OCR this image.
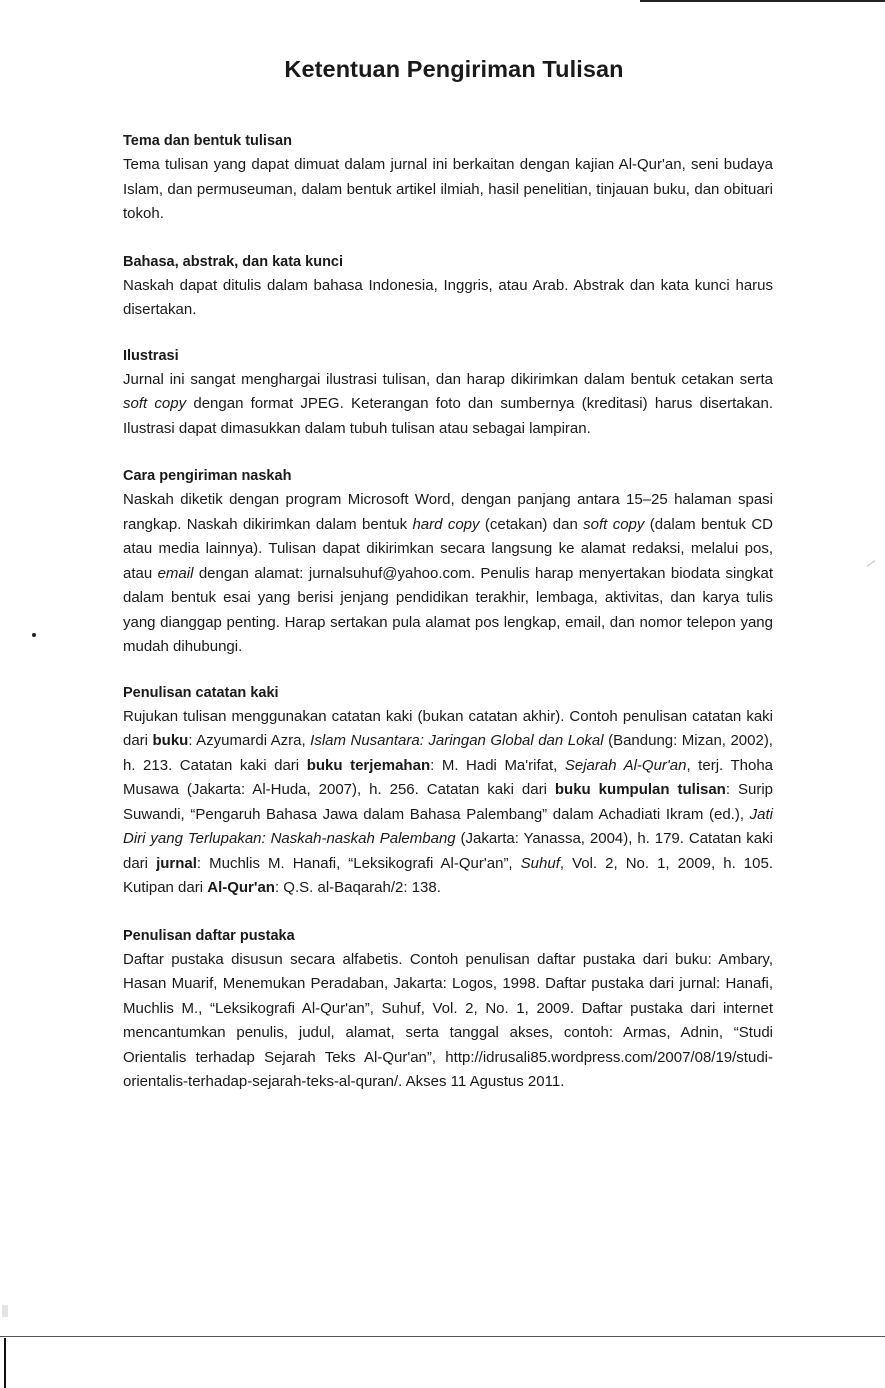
Ketentuan Pengiriman Tulisan
Tema dan bentuk tulisan

Tema tulisan yang dapat dimuat dalam jurnal ini berkaitan dengan kajian Al-Qur'an, seni budaya Islam, dan permuseuman, dalam bentuk artikel ilmiah, hasil penelitian, tinjauan buku, dan obituari tokoh.

Bahasa, abstrak, dan kata kunci

Naskah dapat ditulis dalam bahasa Indonesia, Inggris, atau Arab. Abstrak dan kata kunci harus disertakan.

Ilustrasi

Jurnal ini sangat menghargai ilustrasi tulisan, dan harap dikirimkan dalam bentuk cetakan serta soft copy dengan format JPEG. Keterangan foto dan sumbernya (kreditasi) harus disertakan. Ilustrasi dapat dimasukkan dalam tubuh tulisan atau sebagai lampiran.

Cara pengiriman naskah

Naskah diketik dengan program Microsoft Word, dengan panjang antara 15–25 halaman spasi rangkap. Naskah dikirimkan dalam bentuk hard copy (cetakan) dan soft copy (dalam bentuk CD atau media lainnya). Tulisan dapat dikirimkan secara langsung ke alamat redaksi, melalui pos, atau email dengan alamat: jurnalsuhuf@yahoo.com. Penulis harap menyertakan biodata singkat dalam bentuk esai yang berisi jenjang pendidikan terakhir, lembaga, aktivitas, dan karya tulis yang dianggap penting. Harap sertakan pula alamat pos lengkap, email, dan nomor telepon yang mudah dihubungi.

Penulisan catatan kaki

Rujukan tulisan menggunakan catatan kaki (bukan catatan akhir). Contoh penulisan catatan kaki dari buku: Azyumardi Azra, Islam Nusantara: Jaringan Global dan Lokal (Bandung: Mizan, 2002), h. 213. Catatan kaki dari buku terjemahan: M. Hadi Ma'rifat, Sejarah Al-Qur'an, terj. Thoha Musawa (Jakarta: Al-Huda, 2007), h. 256. Catatan kaki dari buku kumpulan tulisan: Surip Suwandi, “Pengaruh Bahasa Jawa dalam Bahasa Palembang” dalam Achadiati Ikram (ed.), Jati Diri yang Terlupakan: Naskah-naskah Palembang (Jakarta: Yanassa, 2004), h. 179. Catatan kaki dari jurnal: Muchlis M. Hanafi, “Leksikografi Al-Qur'an”, Suhuf, Vol. 2, No. 1, 2009, h. 105. Kutipan dari Al-Qur'an: Q.S. al-Baqarah/2: 138.

Penulisan daftar pustaka

Daftar pustaka disusun secara alfabetis. Contoh penulisan daftar pustaka dari buku: Ambary, Hasan Muarif, Menemukan Peradaban, Jakarta: Logos, 1998. Daftar pustaka dari jurnal: Hanafi, Muchlis M., “Leksikografi Al-Qur'an”, Suhuf, Vol. 2, No. 1, 2009. Daftar pustaka dari internet mencantumkan penulis, judul, alamat, serta tanggal akses, contoh: Armas, Adnin, “Studi Orientalis terhadap Sejarah Teks Al-Qur'an”, http://idrusali85.wordpress.com/2007/08/19/studi-orientalis-terhadap-sejarah-teks-al-quran/. Akses 11 Agustus 2011.
